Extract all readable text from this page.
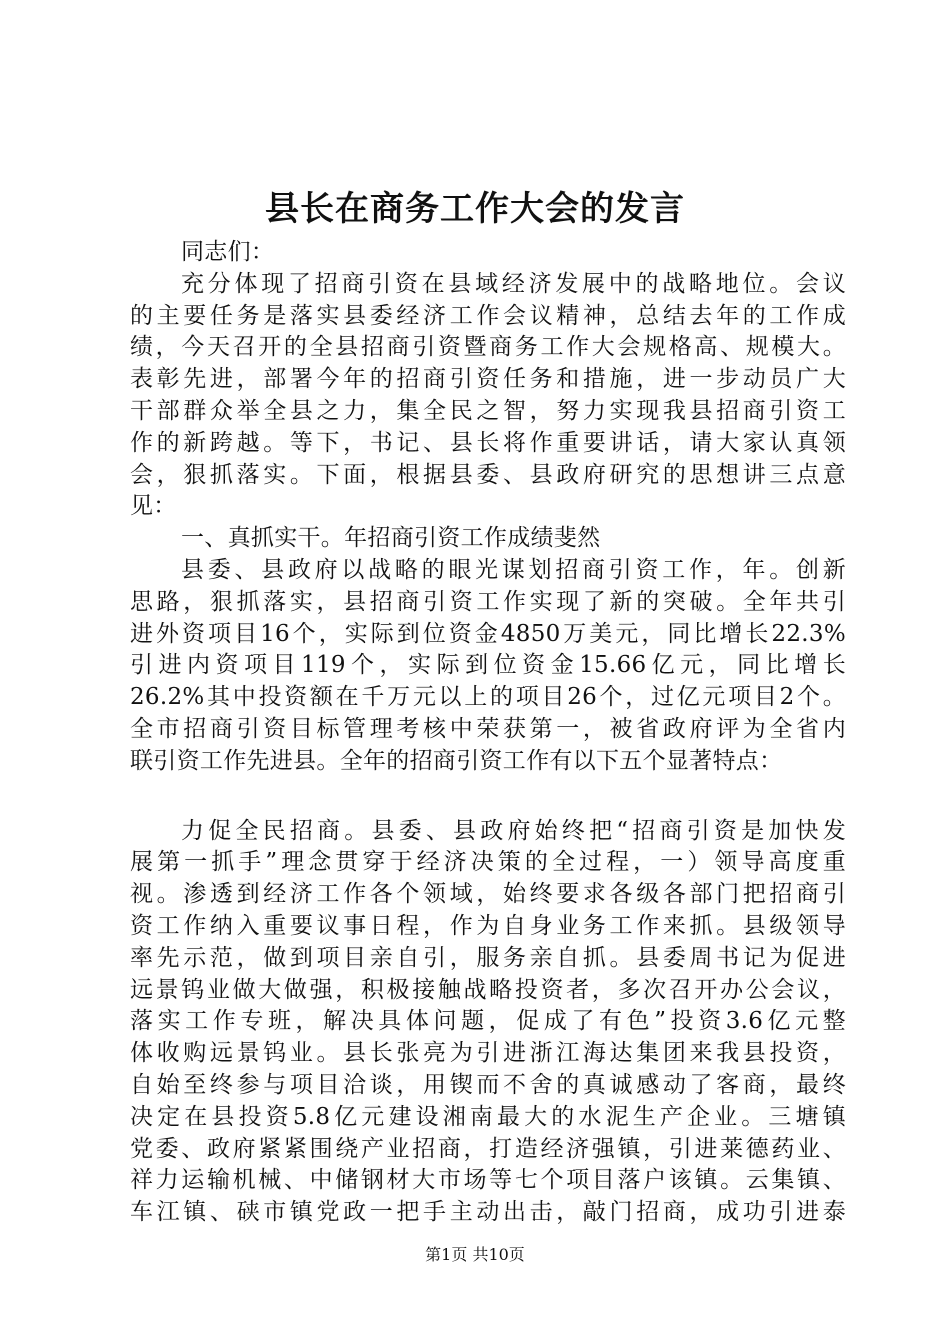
县长在商务工作大会的发言
同志们：
充分体现了招商引资在县域经济发展中的战略地位。会议
的主要任务是落实县委经济工作会议精神，总结去年的工作成
绩，今天召开的全县招商引资暨商务工作大会规格高、规模大。
表彰先进，部署今年的招商引资任务和措施，进一步动员广大
干部群众举全县之力，集全民之智，努力实现我县招商引资工
作的新跨越。等下，书记、县长将作重要讲话，请大家认真领
会，狠抓落实。下面，根据县委、县政府研究的思想讲三点意
见：
一、真抓实干。年招商引资工作成绩斐然
县委、县政府以战略的眼光谋划招商引资工作，年。创新
思路，狠抓落实，县招商引资工作实现了新的突破。全年共引
进外资项目16个，实际到位资金4850万美元，同比增长22.3%
引进内资项目119个，实际到位资金15.66亿元，同比增长
26.2%其中投资额在千万元以上的项目26个，过亿元项目2个。
全市招商引资目标管理考核中荣获第一，被省政府评为全省内
联引资工作先进县。全年的招商引资工作有以下五个显著特点：
力促全民招商。县委、县政府始终把“招商引资是加快发
展第一抓手”理念贯穿于经济决策的全过程，一）领导高度重
视。渗透到经济工作各个领域，始终要求各级各部门把招商引
资工作纳入重要议事日程，作为自身业务工作来抓。县级领导
率先示范，做到项目亲自引，服务亲自抓。县委周书记为促进
远景钨业做大做强，积极接触战略投资者，多次召开办公会议，
落实工作专班，解决具体问题，促成了有色”投资3.6亿元整
体收购远景钨业。县长张亮为引进浙江海达集团来我县投资，
自始至终参与项目洽谈，用锲而不舍的真诚感动了客商，最终
决定在县投资5.8亿元建设湘南最大的水泥生产企业。三塘镇
党委、政府紧紧围绕产业招商，打造经济强镇，引进莱德药业、
祥力运输机械、中储钢材大市场等七个项目落户该镇。云集镇、
车江镇、硖市镇党政一把手主动出击，敲门招商，成功引进泰
第1页 共10页
